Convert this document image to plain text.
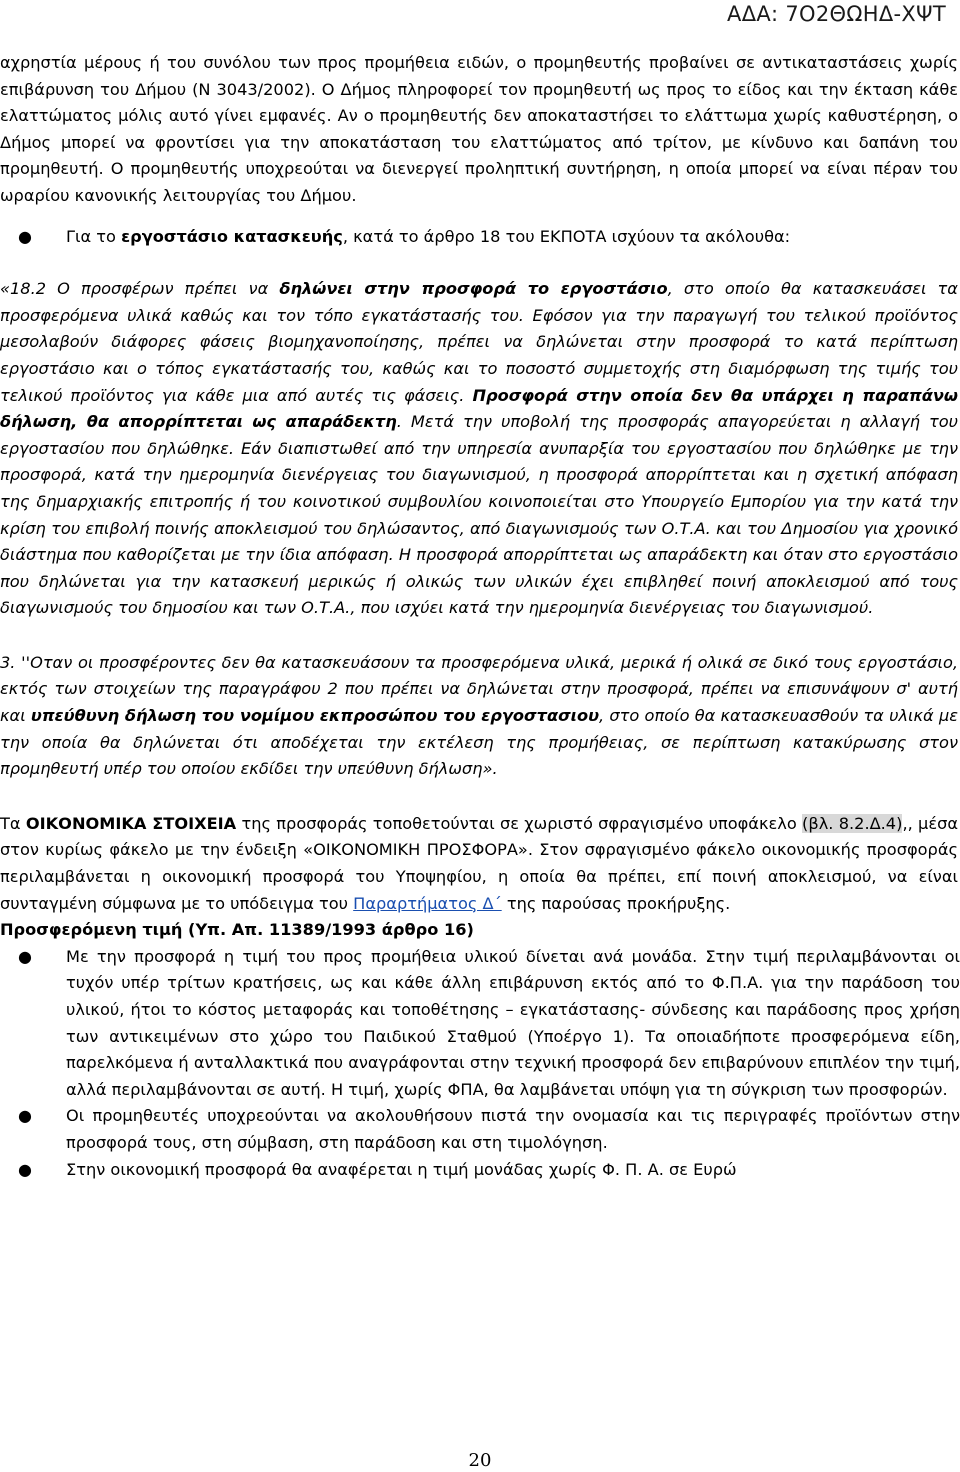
ΑΔΑ: 7Ο2ΘΩΗΔ-ΧΨΤ

αχρηστία μέρους ή του συνόλου των προς προμήθεια ειδών, ο προμηθευτής προβαίνει σε αντικαταστάσεις χωρίς επιβάρυνση του Δήμου (Ν 3043/2002). Ο Δήμος πληροφορεί τον προμηθευτή ως προς το είδος και την έκταση κάθε ελαττώματος μόλις αυτό γίνει εμφανές. Αν ο προμηθευτής δεν αποκαταστήσει το ελάττωμα χωρίς καθυστέρηση, ο Δήμος μπορεί να φροντίσει για την αποκατάσταση του ελαττώματος από τρίτον, με κίνδυνο και δαπάνη του προμηθευτή. Ο προμηθευτής υποχρεούται να διενεργεί προληπτική συντήρηση, η οποία μπορεί να είναι πέραν του ωραρίου κανονικής λειτουργίας του Δήμου.

● Για το εργοστάσιο κατασκευής, κατά το άρθρο 18 του ΕΚΠΟΤΑ ισχύουν τα ακόλουθα:

«18.2 Ο προσφέρων πρέπει να δηλώνει στην προσφορά το εργοστάσιο, στο οποίο θα κατασκευάσει τα προσφερόμενα υλικά καθώς και τον τόπο εγκατάστασής του. Εφόσον για την παραγωγή του τελικού προϊόντος μεσολαβούν διάφορες φάσεις βιομηχανοποίησης, πρέπει να δηλώνεται στην προσφορά το κατά περίπτωση εργοστάσιο και ο τόπος εγκατάστασής του, καθώς και το ποσοστό συμμετοχής στη διαμόρφωση της τιμής του τελικού προϊόντος για κάθε μια από αυτές τις φάσεις. Προσφορά στην οποία δεν θα υπάρχει η παραπάνω δήλωση, θα απορρίπτεται ως απαράδεκτη. Μετά την υποβολή της προσφοράς απαγορεύεται η αλλαγή του εργοστασίου που δηλώθηκε. Εάν διαπιστωθεί από την υπηρεσία ανυπαρξία του εργοστασίου που δηλώθηκε με την προσφορά, κατά την ημερομηνία διενέργειας του διαγωνισμού, η προσφορά απορρίπτεται και η σχετική απόφαση της δημαρχιακής επιτροπής ή του κοινοτικού συμβουλίου κοινοποιείται στο Υπουργείο Εμπορίου για την κατά την κρίση του επιβολή ποινής αποκλεισμού του δηλώσαντος, από διαγωνισμούς των Ο.Τ.Α. και του Δημοσίου για χρονικό διάστημα που καθορίζεται με την ίδια απόφαση. Η προσφορά απορρίπτεται ως απαράδεκτη και όταν στο εργοστάσιο που δηλώνεται για την κατασκευή μερικώς ή ολικώς των υλικών έχει επιβληθεί ποινή αποκλεισμού από τους διαγωνισμούς του δημοσίου και των Ο.Τ.Α., που ισχύει κατά την ημερομηνία διενέργειας του διαγωνισμού.

3. ''Οταν οι προσφέροντες δεν θα κατασκευάσουν τα προσφερόμενα υλικά, μερικά ή ολικά σε δικό τους εργοστάσιο, εκτός των στοιχείων της παραγράφου 2 που πρέπει να δηλώνεται στην προσφορά, πρέπει να επισυνάψουν σ' αυτή και υπεύθυνη δήλωση του νομίμου εκπροσώπου του εργοστασιου, στο οποίο θα κατασκευασθούν τα υλικά με την οποία θα δηλώνεται ότι αποδέχεται την εκτέλεση της προμήθειας, σε περίπτωση κατακύρωσης στον προμηθευτή υπέρ του οποίου εκδίδει την υπεύθυνη δήλωση».

Τα ΟΙΚΟΝΟΜΙΚΑ ΣΤΟΙΧΕΙΑ της προσφοράς τοποθετούνται σε χωριστό σφραγισμένο υποφάκελο (βλ. 8.2.Δ.4),, μέσα στον κυρίως φάκελο με την ένδειξη «ΟΙΚΟΝΟΜΙΚΗ ΠΡΟΣΦΟΡΑ». Στον σφραγισμένο φάκελο οικονομικής προσφοράς περιλαμβάνεται η οικονομική προσφορά του Υποψηφίου, η οποία θα πρέπει, επί ποινή αποκλεισμού, να είναι συνταγμένη σύμφωνα με το υπόδειγμα του Παραρτήματος Δ΄ της παρούσας προκήρυξης.

Προσφερόμενη τιμή (Υπ. Απ. 11389/1993 άρθρο 16)

● Με την προσφορά η τιμή του προς προμήθεια υλικού δίνεται ανά μονάδα. Στην τιμή περιλαμβάνονται οι τυχόν υπέρ τρίτων κρατήσεις, ως και κάθε άλλη επιβάρυνση εκτός από το Φ.Π.Α. για την παράδοση του υλικού, ήτοι το κόστος μεταφοράς και τοποθέτησης – εγκατάστασης- σύνδεσης και παράδοσης προς χρήση των αντικειμένων στο χώρο του Παιδικού Σταθμού (Υποέργο 1). Τα οποιαδήποτε προσφερόμενα είδη, παρελκόμενα ή ανταλλακτικά που αναγράφονται στην τεχνική προσφορά δεν επιβαρύνουν επιπλέον την τιμή, αλλά περιλαμβάνονται σε αυτή. Η τιμή, χωρίς ΦΠΑ, θα λαμβάνεται υπόψη για τη σύγκριση των προσφορών.
● Οι προμηθευτές υποχρεούνται να ακολουθήσουν πιστά την ονομασία και τις περιγραφές προϊόντων στην προσφορά τους, στη σύμβαση, στη παράδοση και στη τιμολόγηση.
● Στην οικονομική προσφορά θα αναφέρεται η τιμή μονάδας χωρίς Φ. Π. Α. σε Ευρώ
20
